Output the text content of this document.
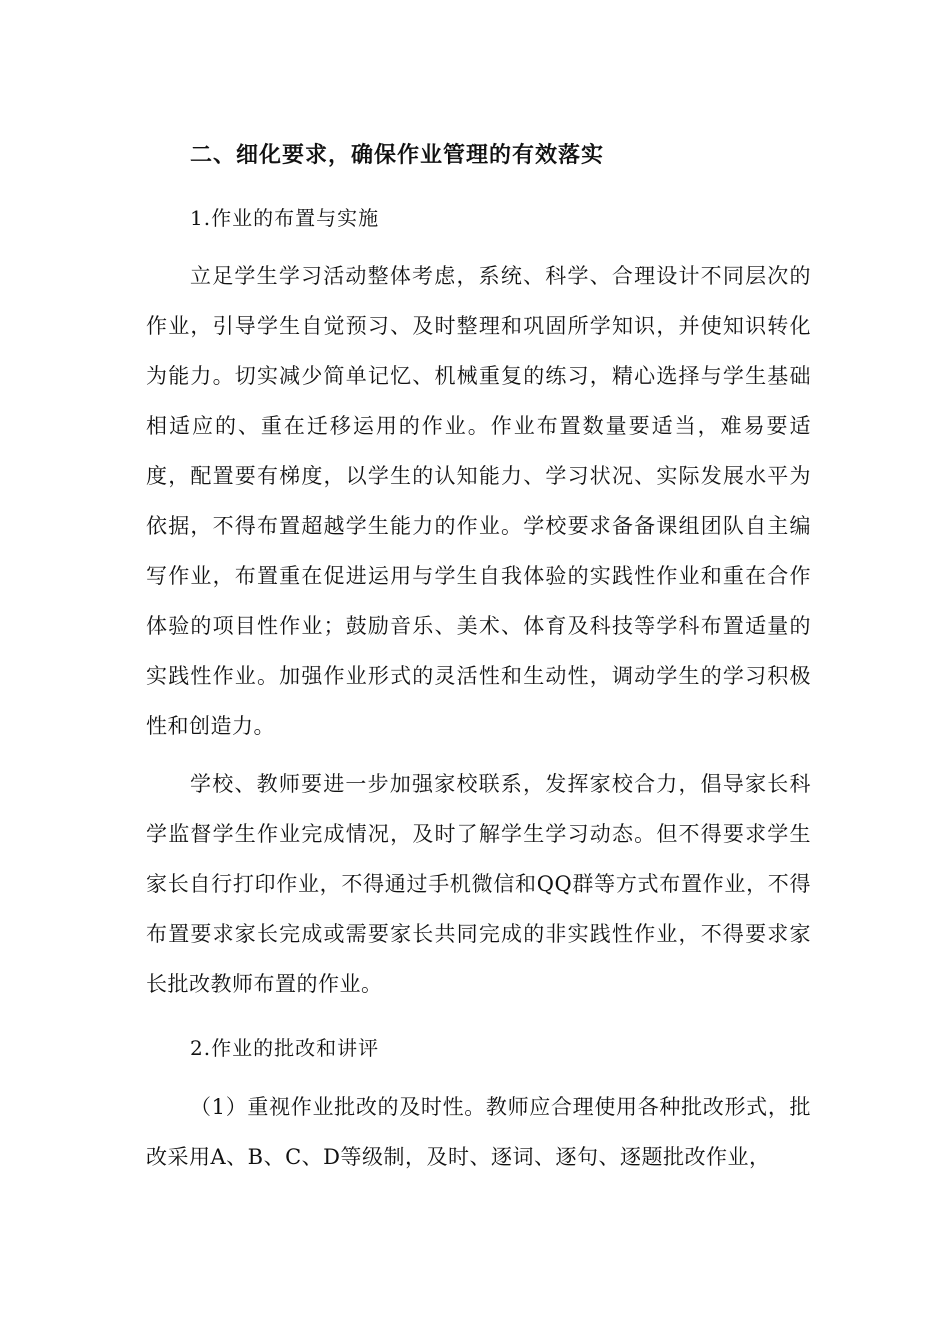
二、细化要求，确保作业管理的有效落实
1.作业的布置与实施

立足学生学习活动整体考虑，系统、科学、合理设计不同层次的作业，引导学生自觉预习、及时整理和巩固所学知识，并使知识转化为能力。切实减少简单记忆、机械重复的练习，精心选择与学生基础相适应的、重在迁移运用的作业。作业布置数量要适当，难易要适度，配置要有梯度，以学生的认知能力、学习状况、实际发展水平为依据，不得布置超越学生能力的作业。学校要求备备课组团队自主编写作业，布置重在促进运用与学生自我体验的实践性作业和重在合作体验的项目性作业；鼓励音乐、美术、体育及科技等学科布置适量的实践性作业。加强作业形式的灵活性和生动性，调动学生的学习积极性和创造力。

学校、教师要进一步加强家校联系，发挥家校合力，倡导家长科学监督学生作业完成情况，及时了解学生学习动态。但不得要求学生家长自行打印作业，不得通过手机微信和QQ群等方式布置作业，不得布置要求家长完成或需要家长共同完成的非实践性作业，不得要求家长批改教师布置的作业。

2.作业的批改和讲评

（1）重视作业批改的及时性。教师应合理使用各种批改形式，批改采用A、B、C、D等级制，及时、逐词、逐句、逐题批改作业，
